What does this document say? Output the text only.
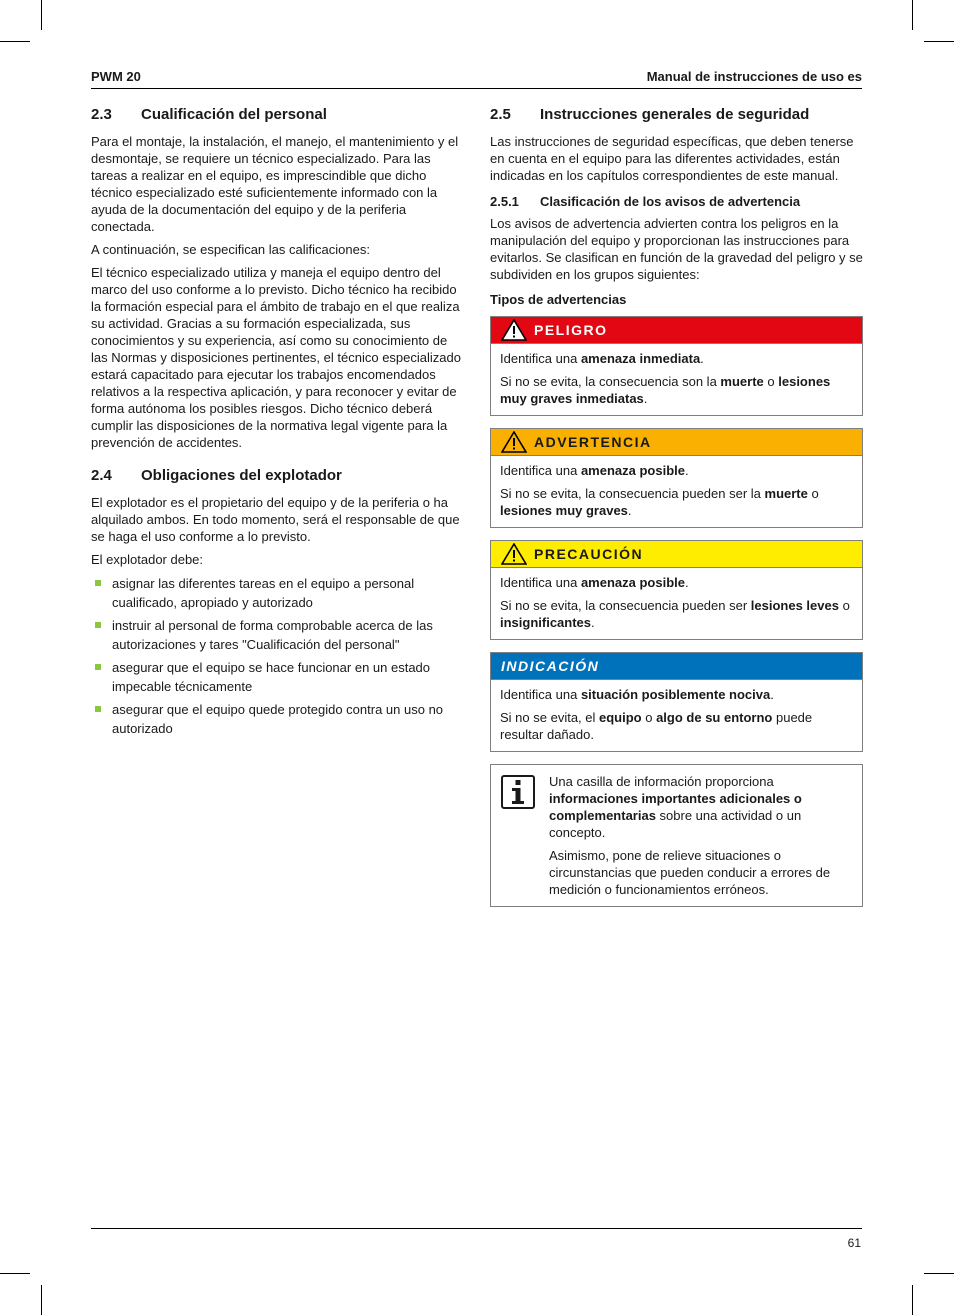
PWM 20	Manual de instrucciones de uso es
2.3	Cualificación del personal

Para el montaje, la instalación, el manejo, el mantenimiento y el desmontaje, se requiere un técnico especializado. Para las tareas a realizar en el equipo, es imprescindible que dicho técnico especializado esté suficientemente informado con la ayuda de la documentación del equipo y de la periferia conectada.

A continuación, se especifican las calificaciones:

El técnico especializado utiliza y maneja el equipo dentro del marco del uso conforme a lo previsto. Dicho técnico ha recibido la formación especial para el ámbito de trabajo en el que realiza su actividad. Gracias a su formación especializada, sus conocimientos y su experiencia, así como su conocimiento de las Normas y disposiciones pertinentes, el técnico especializado estará capacitado para ejecutar los trabajos encomendados relativos a la respectiva aplicación, y para reconocer y evitar de forma autónoma los posibles riesgos. Dicho técnico deberá cumplir las disposiciones de la normativa legal vigente para la prevención de accidentes.

2.4	Obligaciones del explotador

El explotador es el propietario del equipo y de la periferia o ha alquilado ambos. En todo momento, será el responsable de que se haga el uso conforme a lo previsto.

El explotador debe:

asignar las diferentes tareas en el equipo a personal cualificado, apropiado y autorizado
instruir al personal de forma comprobable acerca de las autorizaciones y tares "Cualificación del personal"
asegurar que el equipo se hace funcionar en un estado impecable técnicamente
asegurar que el equipo quede protegido contra un uso no autorizado
2.5	Instrucciones generales de seguridad

Las instrucciones de seguridad específicas, que deben tenerse en cuenta en el equipo para las diferentes actividades, están indicadas en los capítulos correspondientes de este manual.

2.5.1	Clasificación de los avisos de advertencia

Los avisos de advertencia advierten contra los peligros en la manipulación del equipo y proporcionan las instrucciones para evitarlos. Se clasifican en función de la gravedad del peligro y se subdividen en los grupos siguientes:

Tipos de advertencias

PELIGRO

Identifica una amenaza inmediata.

Si no se evita, la consecuencia son la muerte o lesiones muy graves inmediatas.

ADVERTENCIA

Identifica una amenaza posible.

Si no se evita, la consecuencia pueden ser la muerte o lesiones muy graves.

PRECAUCIÓN

Identifica una amenaza posible.

Si no se evita, la consecuencia pueden ser lesiones leves o insignificantes.

INDICACIÓN

Identifica una situación posiblemente nociva.

Si no se evita, el equipo o algo de su entorno puede resultar dañado.

Una casilla de información proporciona informaciones importantes adicionales o complementarias sobre una actividad o un concepto.

Asimismo, pone de relieve situaciones o circunstancias que pueden conducir a errores de medición o funcionamientos erróneos.

61
